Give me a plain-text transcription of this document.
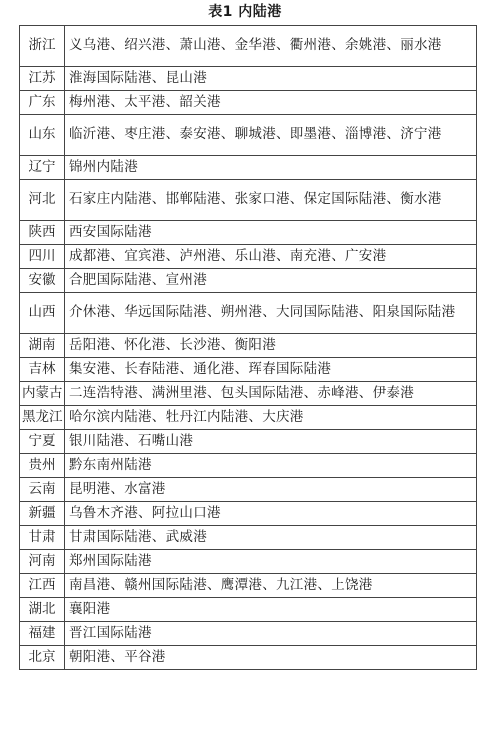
表1 内陆港
浙江	义乌港、绍兴港、萧山港、金华港、衢州港、余姚港、丽水港
江苏	淮海国际陆港、昆山港
广东	梅州港、太平港、韶关港
山东	临沂港、枣庄港、泰安港、聊城港、即墨港、淄博港、济宁港
辽宁	锦州内陆港
河北	石家庄内陆港、邯郸陆港、张家口港、保定国际陆港、衡水港
陕西	西安国际陆港
四川	成都港、宜宾港、泸州港、乐山港、南充港、广安港
安徽	合肥国际陆港、宣州港
山西	介休港、华远国际陆港、朔州港、大同国际陆港、阳泉国际陆港
湖南	岳阳港、怀化港、长沙港、衡阳港
吉林	集安港、长春陆港、通化港、珲春国际陆港
内蒙古	二连浩特港、满洲里港、包头国际陆港、赤峰港、伊泰港
黑龙江	哈尔滨内陆港、牡丹江内陆港、大庆港
宁夏	银川陆港、石嘴山港
贵州	黔东南州陆港
云南	昆明港、水富港
新疆	乌鲁木齐港、阿拉山口港
甘肃	甘肃国际陆港、武威港
河南	郑州国际陆港
江西	南昌港、赣州国际陆港、鹰潭港、九江港、上饶港
湖北	襄阳港
福建	晋江国际陆港
北京	朝阳港、平谷港
